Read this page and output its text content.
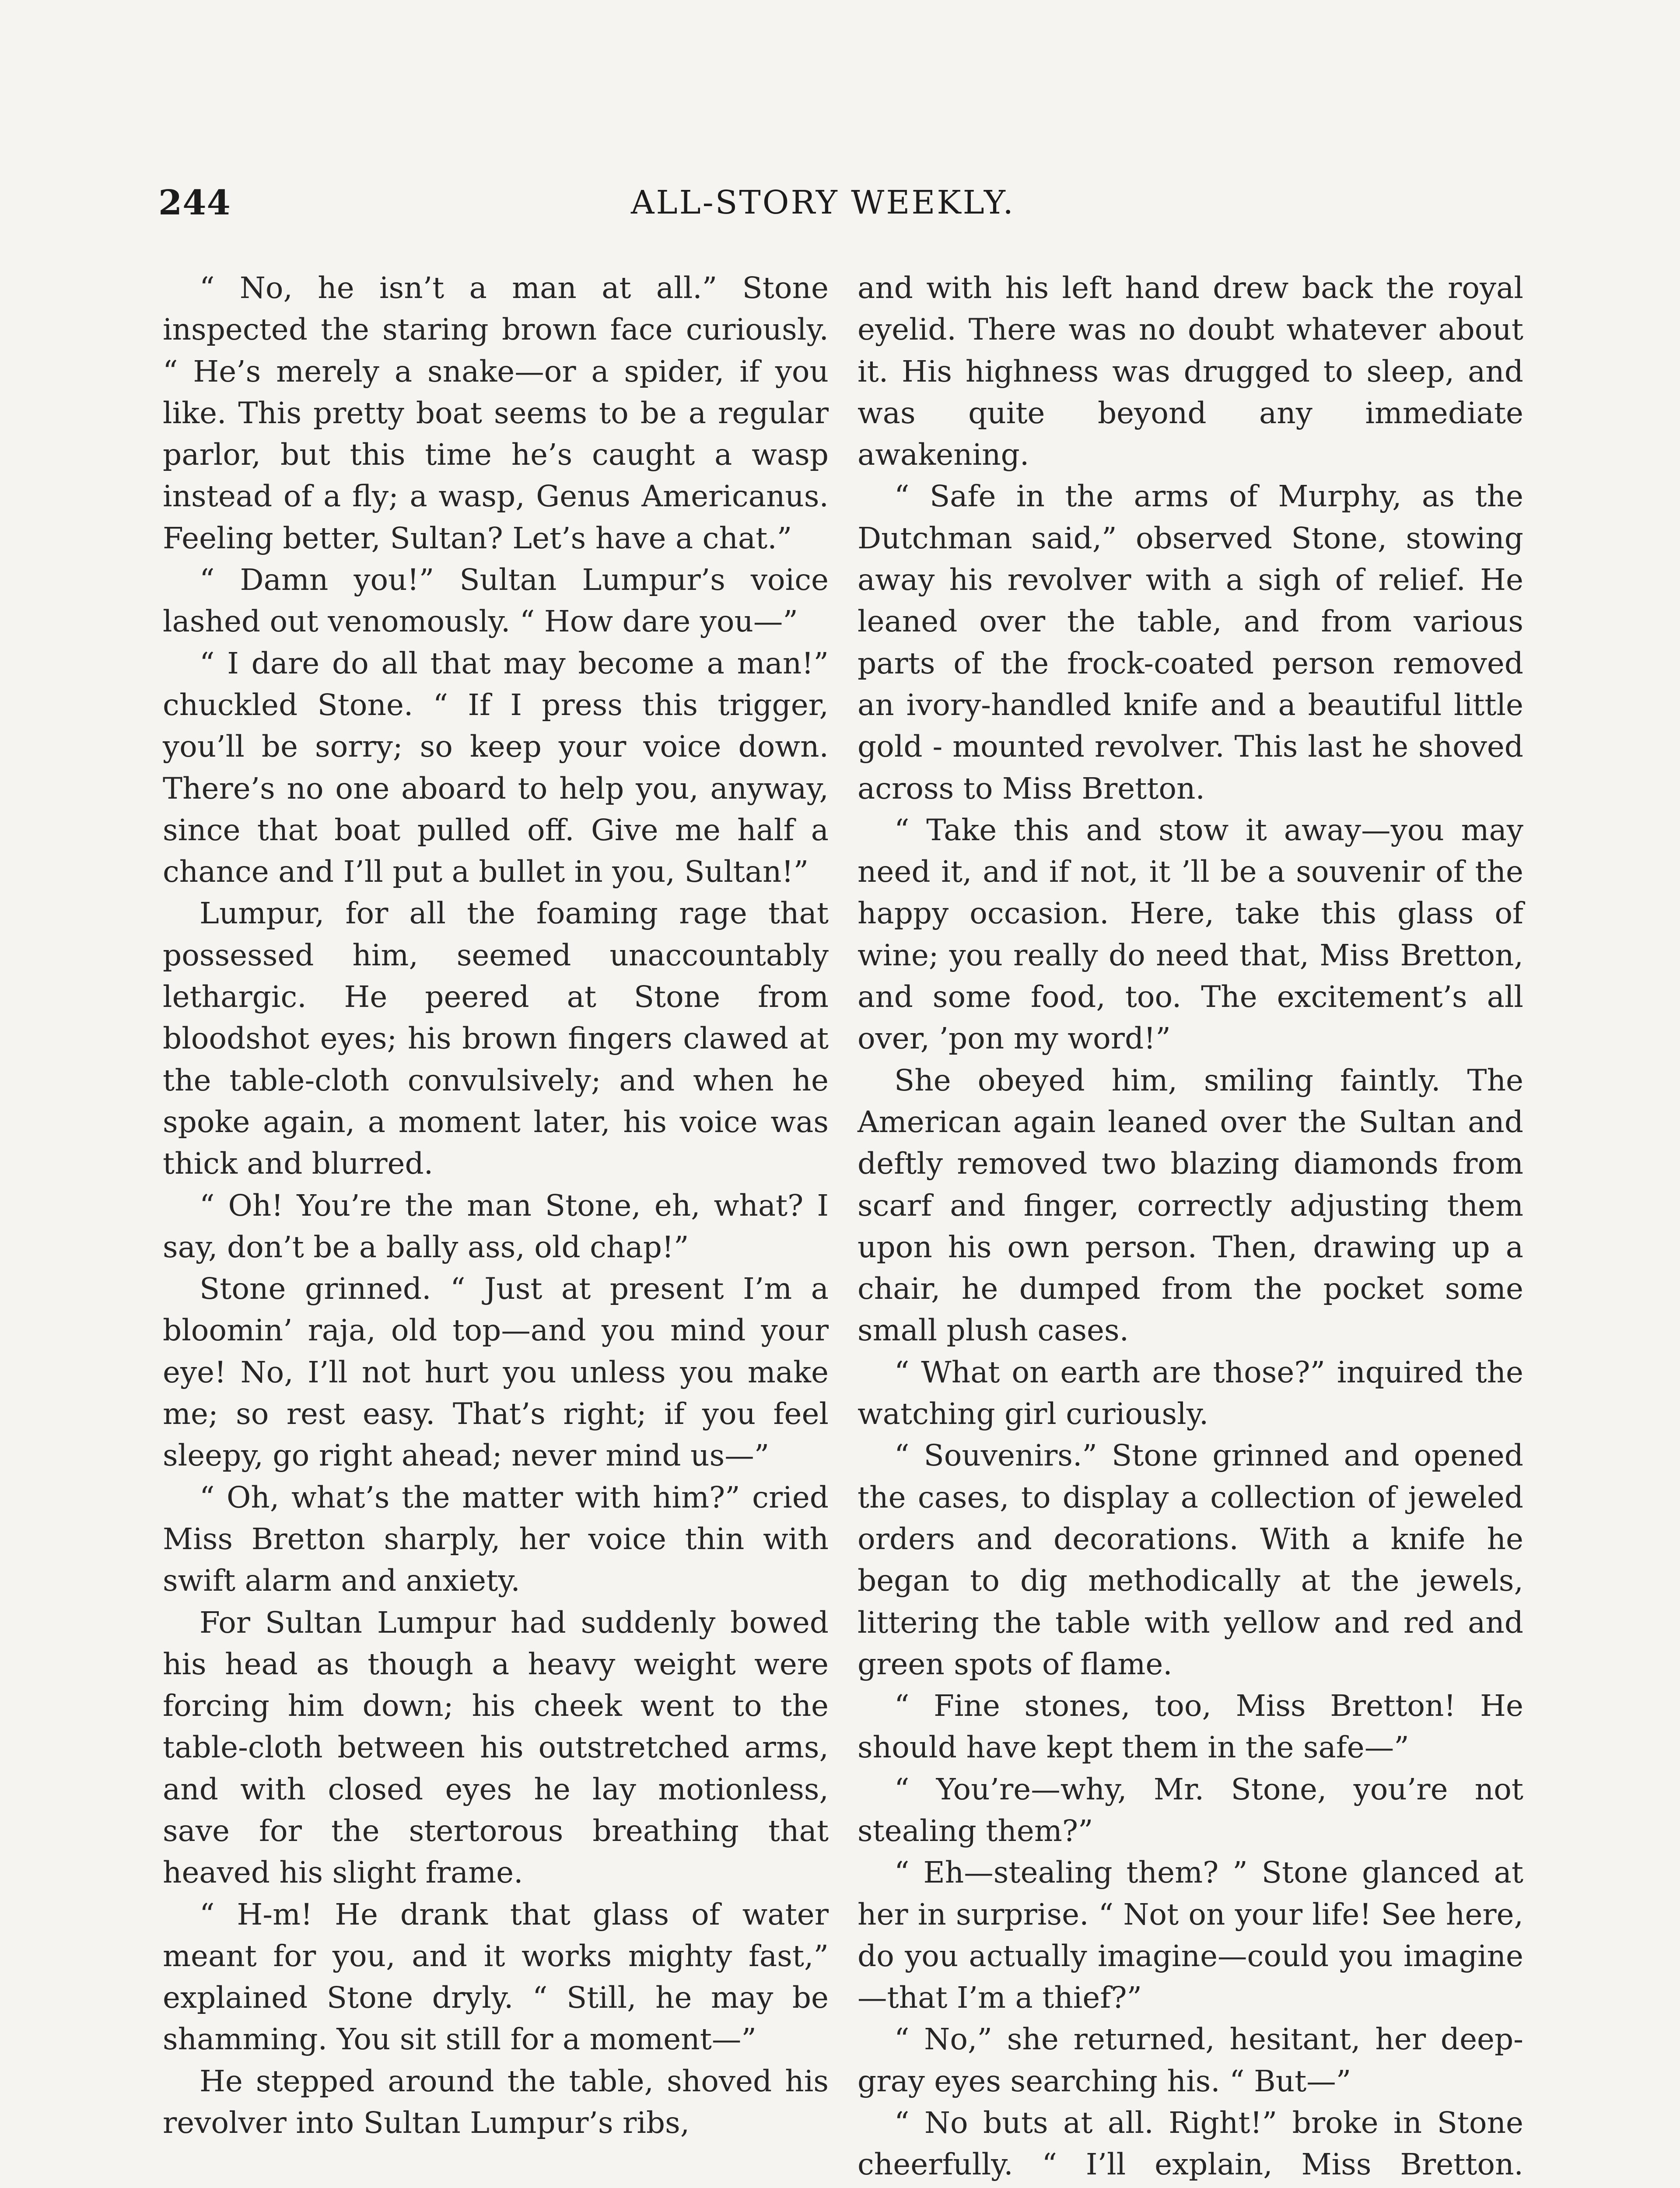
244	ALL-STORY WEEKLY.

“ No, he isn’t a man at all.” Stone inspected the staring brown face curiously. “ He’s merely a snake—or a spider, if you like. This pretty boat seems to be a regular parlor, but this time he’s caught a wasp instead of a fly; a wasp, Genus Americanus. Feeling better, Sultan? Let’s have a chat.”

“ Damn you!” Sultan Lumpur’s voice lashed out venomously. “ How dare you—”

“ I dare do all that may become a man!” chuckled Stone. “ If I press this trigger, you’ll be sorry; so keep your voice down. There’s no one aboard to help you, anyway, since that boat pulled off. Give me half a chance and I’ll put a bullet in you, Sultan!”

Lumpur, for all the foaming rage that possessed him, seemed unaccountably lethargic. He peered at Stone from bloodshot eyes; his brown fingers clawed at the table-cloth convulsively; and when he spoke again, a moment later, his voice was thick and blurred.

“ Oh! You’re the man Stone, eh, what? I say, don’t be a bally ass, old chap!”

Stone grinned. “ Just at present I’m a bloomin’ raja, old top—and you mind your eye! No, I’ll not hurt you unless you make me; so rest easy. That’s right; if you feel sleepy, go right ahead; never mind us—”

“ Oh, what’s the matter with him?” cried Miss Bretton sharply, her voice thin with swift alarm and anxiety.

For Sultan Lumpur had suddenly bowed his head as though a heavy weight were forcing him down; his cheek went to the table-cloth between his outstretched arms, and with closed eyes he lay motionless, save for the stertorous breathing that heaved his slight frame.

“ H-m! He drank that glass of water meant for you, and it works mighty fast,” explained Stone dryly. “ Still, he may be shamming. You sit still for a moment—”

He stepped around the table, shoved his revolver into Sultan Lumpur’s ribs,

and with his left hand drew back the royal eyelid. There was no doubt whatever about it. His highness was drugged to sleep, and was quite beyond any immediate awakening.

“ Safe in the arms of Murphy, as the Dutchman said,” observed Stone, stowing away his revolver with a sigh of relief. He leaned over the table, and from various parts of the frock-coated person removed an ivory-handled knife and a beautiful little gold - mounted revolver. This last he shoved across to Miss Bretton.

“ Take this and stow it away—you may need it, and if not, it ’ll be a souvenir of the happy occasion. Here, take this glass of wine; you really do need that, Miss Bretton, and some food, too. The excitement’s all over, ’pon my word!”

She obeyed him, smiling faintly. The American again leaned over the Sultan and deftly removed two blazing diamonds from scarf and finger, correctly adjusting them upon his own person. Then, drawing up a chair, he dumped from the pocket some small plush cases.

“ What on earth are those?” inquired the watching girl curiously.

“ Souvenirs.” Stone grinned and opened the cases, to display a collection of jeweled orders and decorations. With a knife he began to dig methodically at the jewels, littering the table with yellow and red and green spots of flame.

“ Fine stones, too, Miss Bretton! He should have kept them in the safe—”

“ You’re—why, Mr. Stone, you’re not stealing them?”

“ Eh—stealing them? ” Stone glanced at her in surprise. “ Not on your life! See here, do you actually imagine—could you imagine—that I’m a thief?”

“ No,” she returned, hesitant, her deep-gray eyes searching his. “ But—”

“ No buts at all. Right!” broke in Stone cheerfully. “ I’ll explain, Miss Bretton.
